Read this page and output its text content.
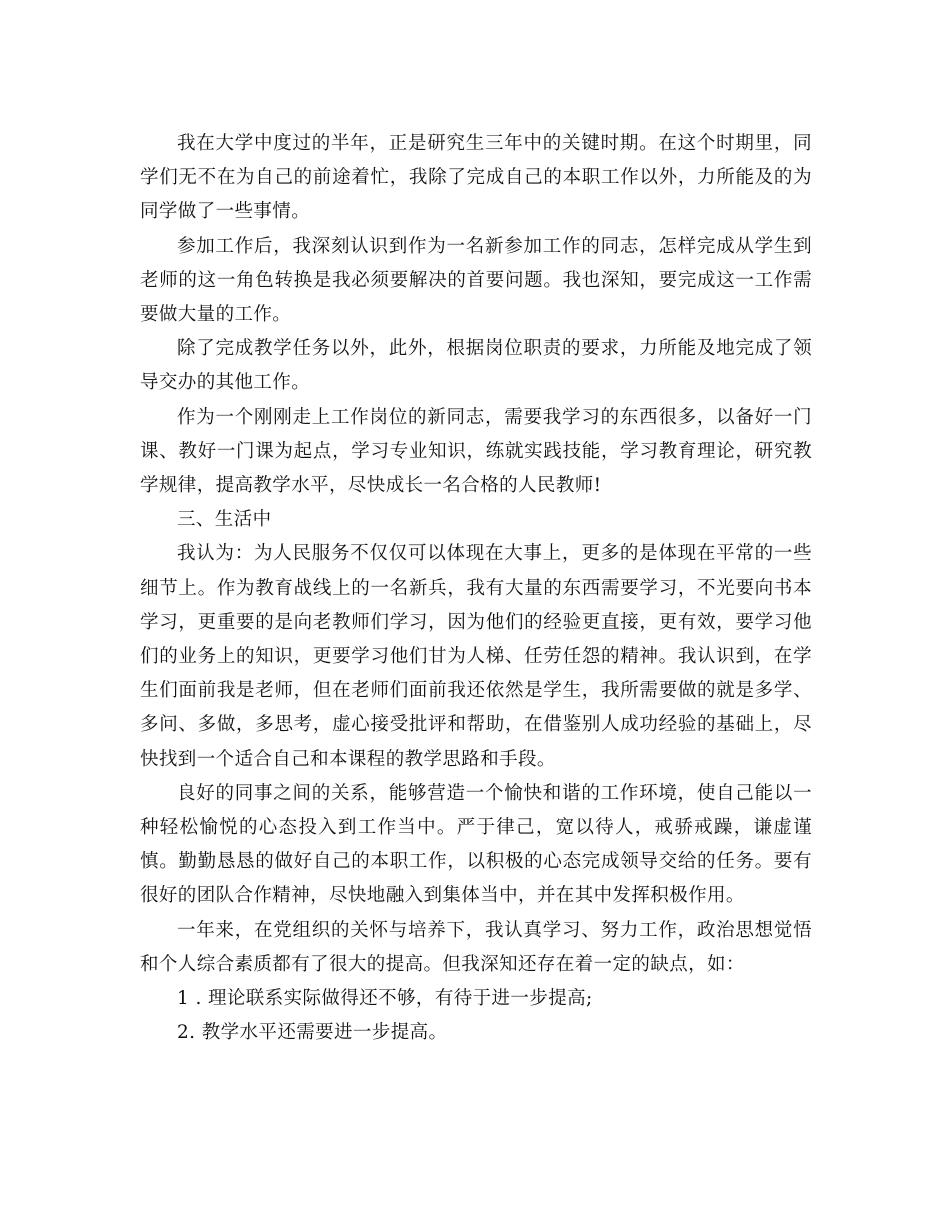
我在大学中度过的半年，正是研究生三年中的关键时期。在这个时期里，同学们无不在为自己的前途着忙，我除了完成自己的本职工作以外，力所能及的为同学做了一些事情。

参加工作后，我深刻认识到作为一名新参加工作的同志，怎样完成从学生到老师的这一角色转换是我必须要解决的首要问题。我也深知，要完成这一工作需要做大量的工作。

除了完成教学任务以外，此外，根据岗位职责的要求，力所能及地完成了领导交办的其他工作。

作为一个刚刚走上工作岗位的新同志，需要我学习的东西很多，以备好一门课、教好一门课为起点，学习专业知识，练就实践技能，学习教育理论，研究教学规律，提高教学水平，尽快成长一名合格的人民教师!

三、生活中

我认为：为人民服务不仅仅可以体现在大事上，更多的是体现在平常的一些细节上。作为教育战线上的一名新兵，我有大量的东西需要学习，不光要向书本学习，更重要的是向老教师们学习，因为他们的经验更直接，更有效，要学习他们的业务上的知识，更要学习他们甘为人梯、任劳任怨的精神。我认识到，在学生们面前我是老师，但在老师们面前我还依然是学生，我所需要做的就是多学、多问、多做，多思考，虚心接受批评和帮助，在借鉴别人成功经验的基础上，尽快找到一个适合自己和本课程的教学思路和手段。

良好的同事之间的关系，能够营造一个愉快和谐的工作环境，使自己能以一种轻松愉悦的心态投入到工作当中。严于律己，宽以待人，戒骄戒躁，谦虚谨慎。勤勤恳恳的做好自己的本职工作，以积极的心态完成领导交给的任务。要有很好的团队合作精神，尽快地融入到集体当中，并在其中发挥积极作用。

一年来，在党组织的关怀与培养下，我认真学习、努力工作，政治思想觉悟和个人综合素质都有了很大的提高。但我深知还存在着一定的缺点，如：

1 . 理论联系实际做得还不够，有待于进一步提高;

2. 教学水平还需要进一步提高。
